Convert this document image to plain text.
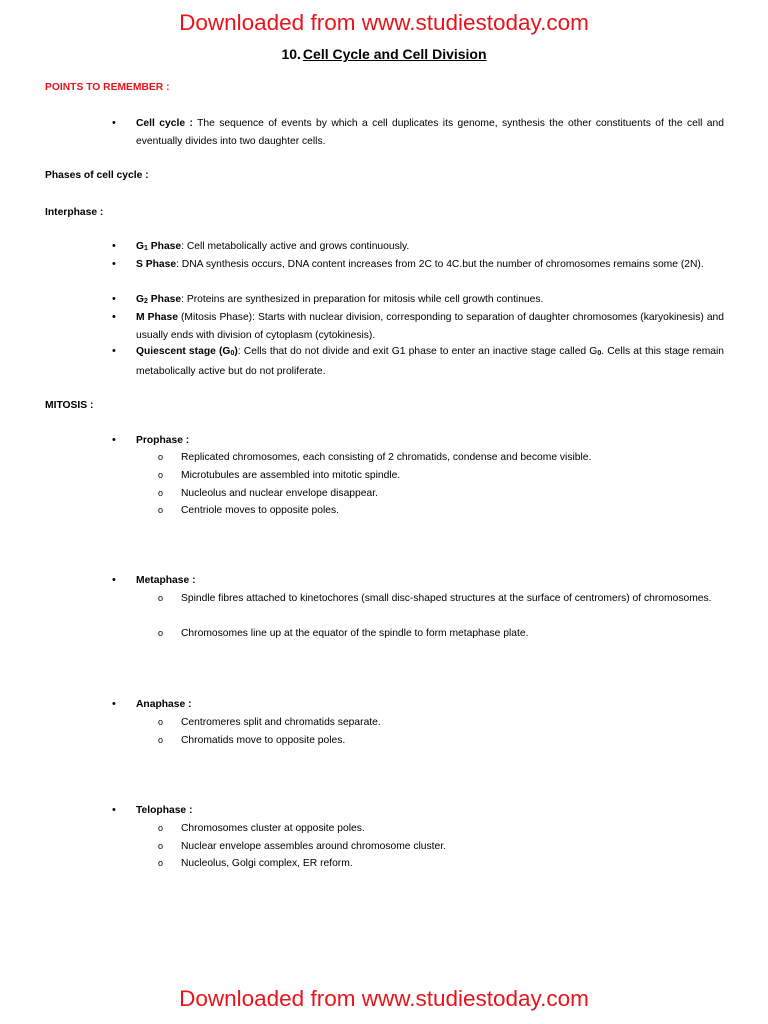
Downloaded from www.studiestoday.com
10. Cell Cycle and Cell Division
POINTS TO REMEMBER :
• Cell cycle : The sequence of events by which a cell duplicates its genome, synthesis the other constituents of the cell and eventually divides into two daughter cells.
Phases of cell cycle :
Interphase :
• $G_1$ Phase: Cell metabolically active and grows continuously.
• S Phase: DNA synthesis occurs, DNA content increases from 2C to 4C.but the number of chromosomes remains some (2N).
• $G_2$ Phase: Proteins are synthesized in preparation for mitosis while cell growth continues.
• M Phase (Mitosis Phase): Starts with nuclear division, corresponding to separation of daughter chromosomes (karyokinesis) and usually ends with division of cytoplasm (cytokinesis).
• Quiescent stage $(G_0)$: Cells that do not divide and exit G1 phase to enter an inactive stage called $G_0$. Cells at this stage remain metabolically active but do not proliferate.
MITOSIS :
• Prophase :
o Replicated chromosomes, each consisting of 2 chromatids, condense and become visible.
o Microtubules are assembled into mitotic spindle.
o Nucleolus and nuclear envelope disappear.
o Centriole moves to opposite poles.
• Metaphase :
o Spindle fibres attached to kinetochores (small disc-shaped structures at the surface of centromers) of chromosomes.
o Chromosomes line up at the equator of the spindle to form metaphase plate.
• Anaphase :
o Centromeres split and chromatids separate.
o Chromatids move to opposite poles.
• Telophase :
o Chromosomes cluster at opposite poles.
o Nuclear envelope assembles around chromosome cluster.
o Nucleolus, Golgi complex, ER reform.
Downloaded from www.studiestoday.com
